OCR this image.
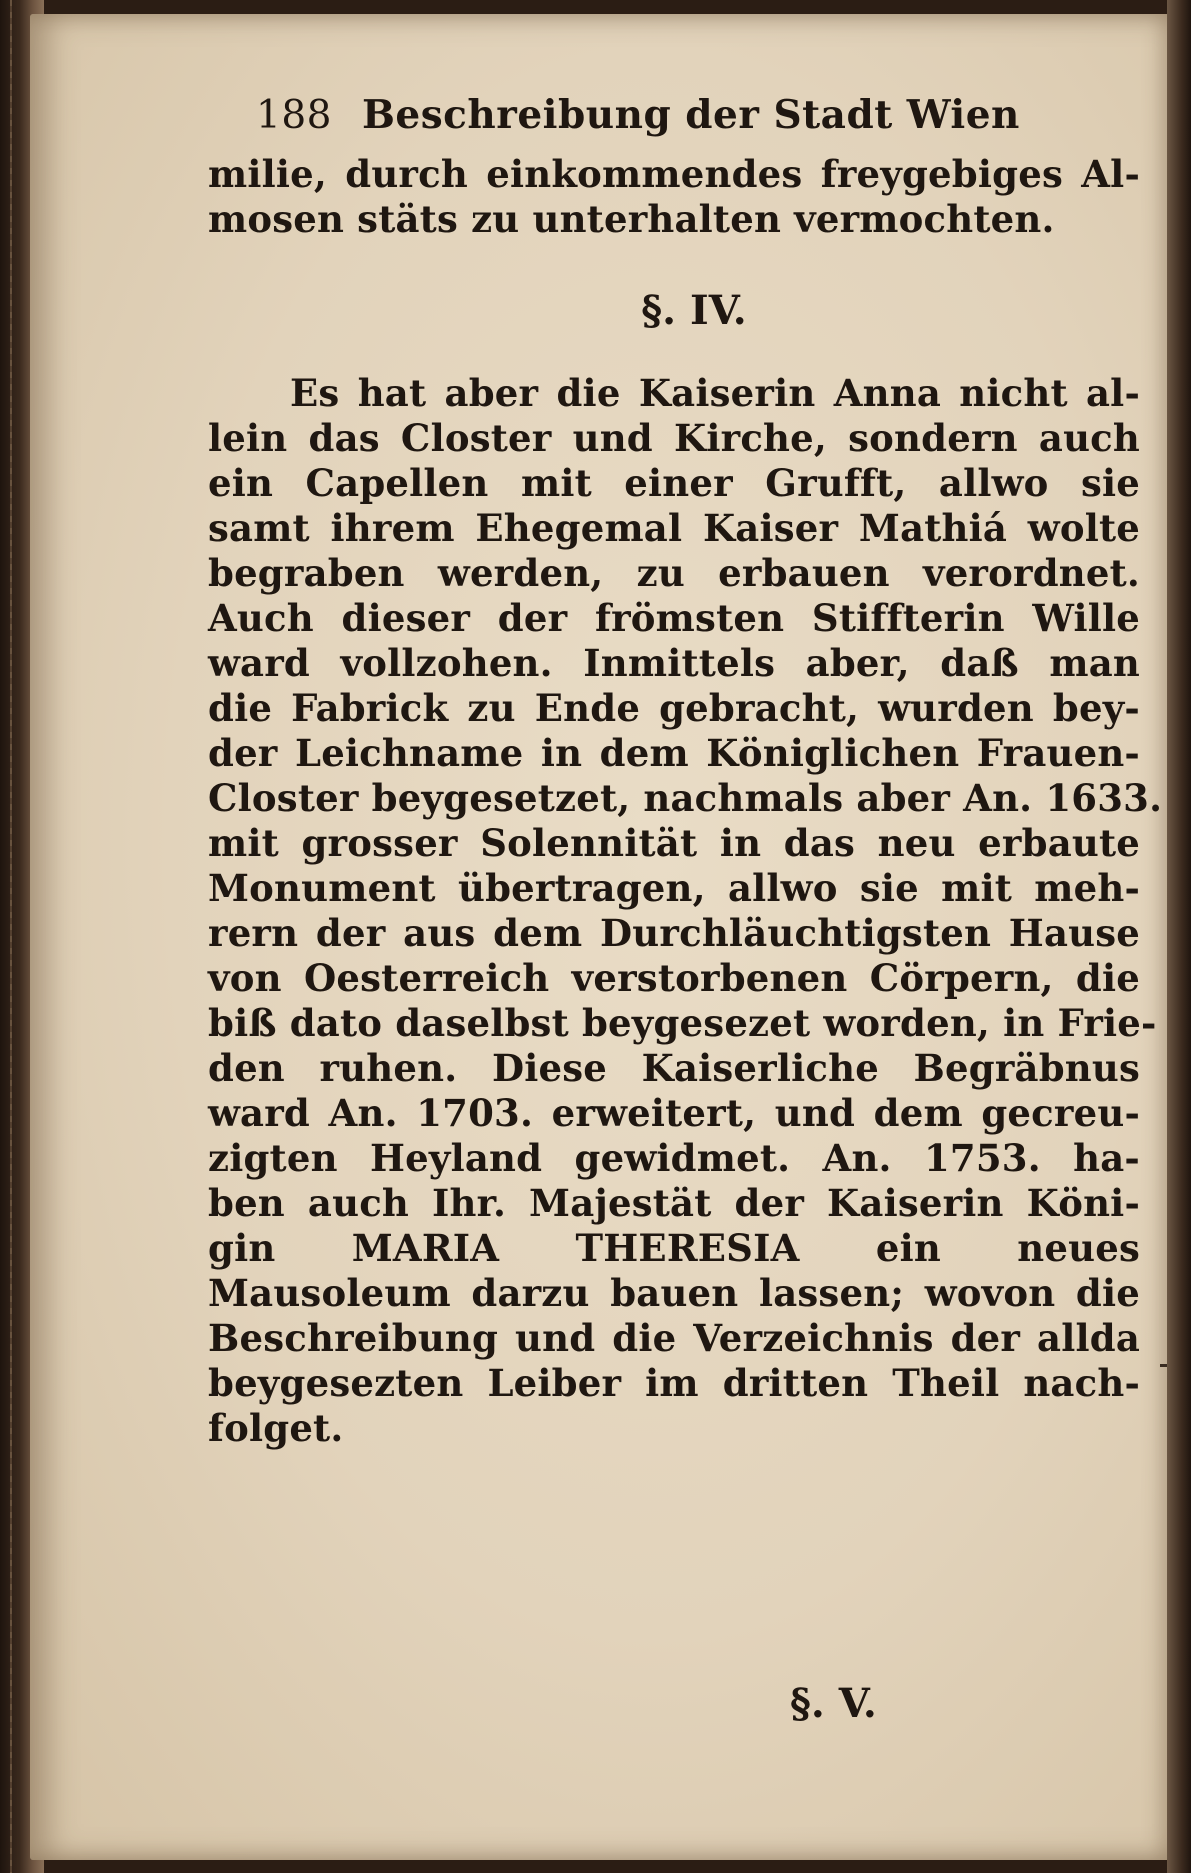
188 Beschreibung der Stadt Wien
milie, durch einkommendes freygebiges Al-
mosen stäts zu unterhalten vermochten.
§. IV.
Es hat aber die Kaiserin Anna nicht al-
lein das Closter und Kirche, sondern auch
ein Capellen mit einer Grufft, allwo sie
samt ihrem Ehegemal Kaiser Mathiá wolte
begraben werden, zu erbauen verordnet.
Auch dieser der frömsten Stiffterin Wille
ward vollzohen. Inmittels aber, daß man
die Fabrick zu Ende gebracht, wurden bey-
der Leichname in dem Königlichen Frauen-
Closter beygesetzet, nachmals aber An. 1633.
mit grosser Solennität in das neu erbaute
Monument übertragen, allwo sie mit meh-
rern der aus dem Durchläuchtigsten Hause
von Oesterreich verstorbenen Cörpern, die
biß dato daselbst beygesezet worden, in Frie-
den ruhen. Diese Kaiserliche Begräbnus
ward An. 1703. erweitert, und dem gecreu-
zigten Heyland gewidmet. An. 1753. ha-
ben auch Ihr. Majestät der Kaiserin Köni-
gin MARIA THERESIA ein neues
Mausoleum darzu bauen lassen; wovon die
Beschreibung und die Verzeichnis der allda
beygesezten Leiber im dritten Theil nach-
folget.
§. V.
